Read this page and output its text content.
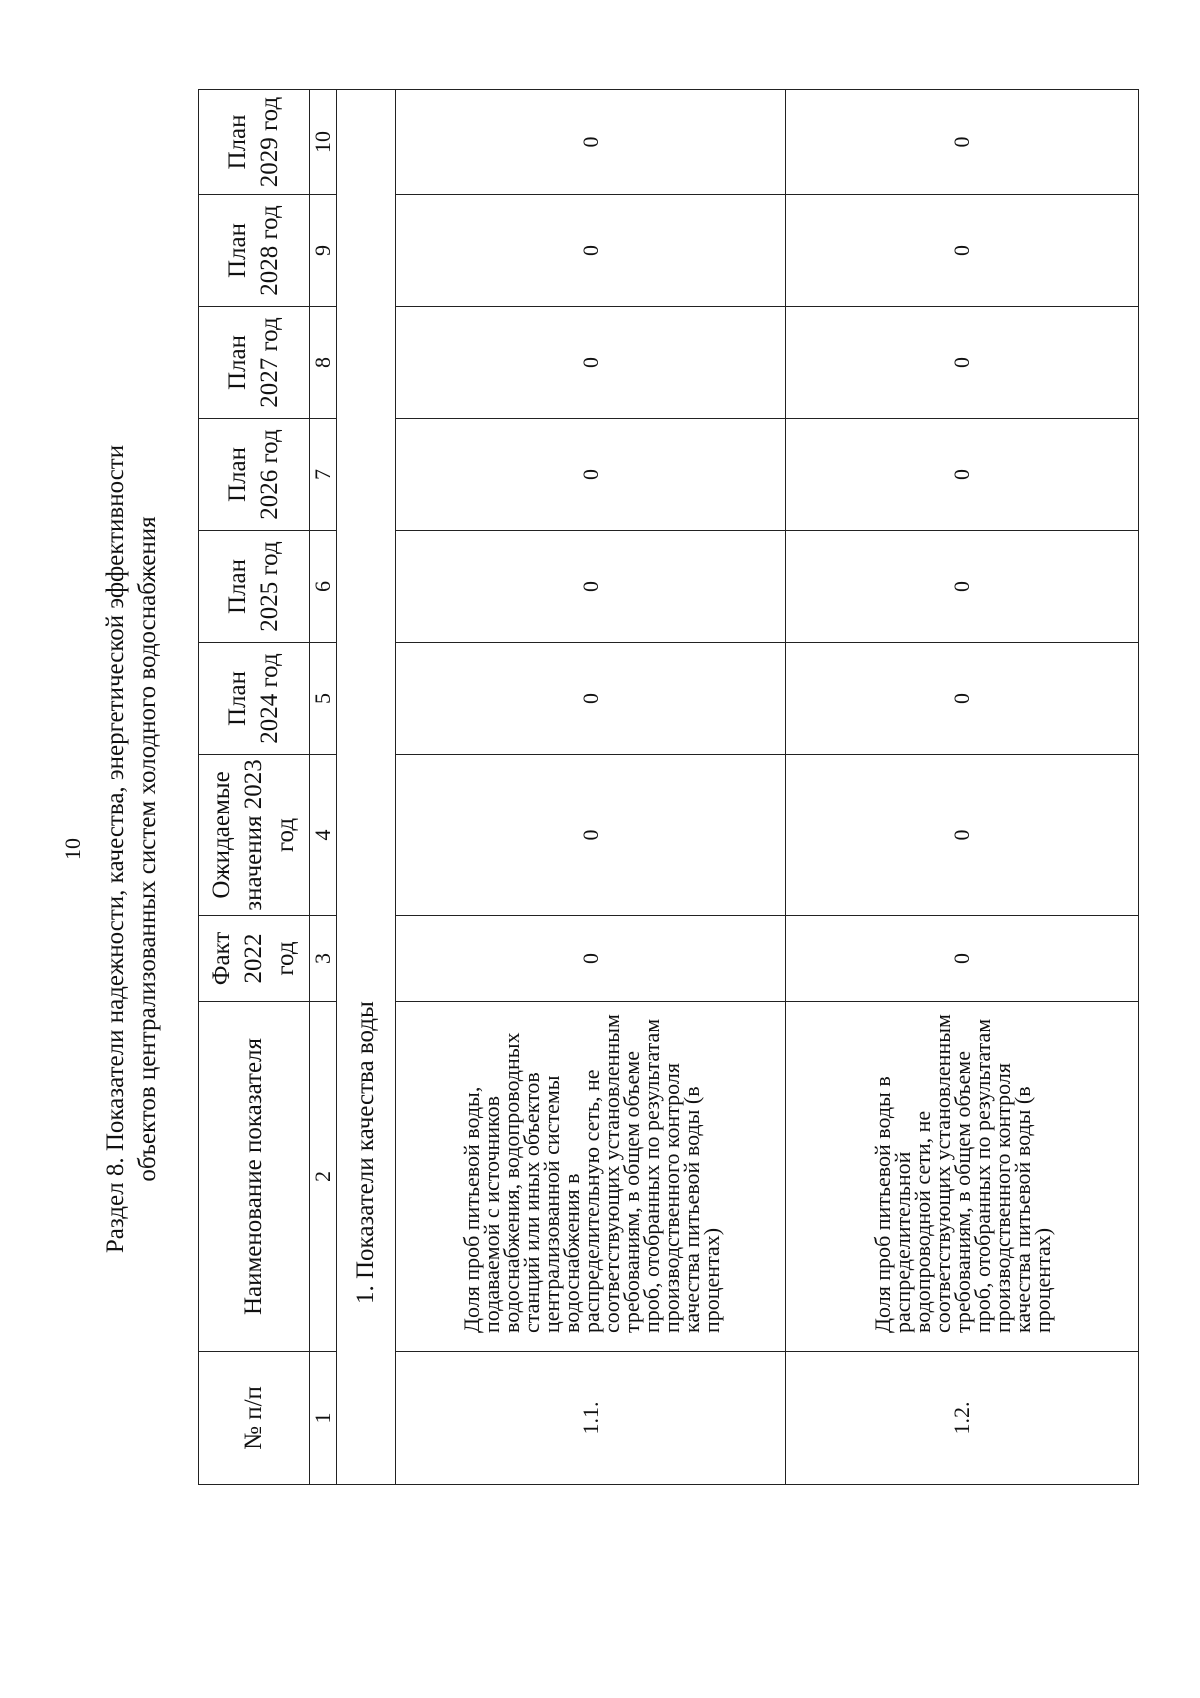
10 Раздел 8. Показатели надежности, качества, энергетической эффективности объектов централизованных систем холодного водоснабжения
№ п/п	Наименование показателя	Факт 2022 год	Ожидаемые значения 2023 год	План 2024 год	План 2025 год	План 2026 год	План 2027 год	План 2028 год	План 2029 год
1	2	3	4	5	6	7	8	9	10
1. Показатели качества воды									
1.1.	Доля проб питьевой воды, подаваемой с источников водоснабжения, водопроводных станций или иных объектов централизованной системы водоснабжения в распределительную сеть, не соответствующих установленным требованиям, в общем объеме проб, отобранных по результатам производственного контроля качества питьевой воды (в процентах)	0	0	0	0	0	0	0	0
1.2.	Доля проб питьевой воды в распределительной водопроводной сети, не соответствующих установленным требованиям, в общем объеме проб, отобранных по результатам производственного контроля качества питьевой воды (в процентах)	0	0	0	0	0	0	0	0
